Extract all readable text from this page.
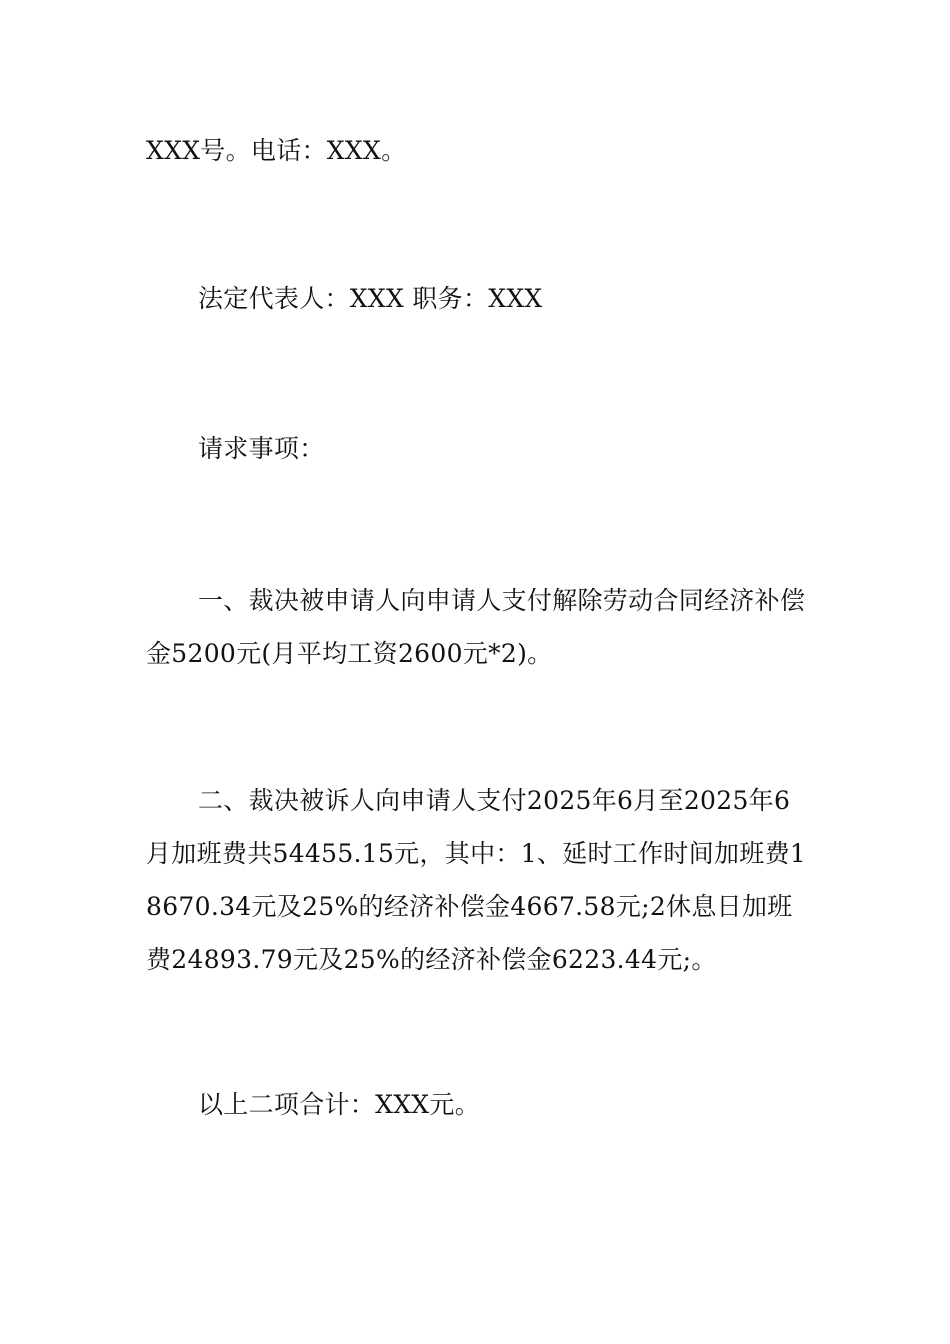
XXX号。电话：XXX。

法定代表人：XXX 职务：XXX

请求事项：

一、裁决被申请人向申请人支付解除劳动合同经济补偿金5200元(月平均工资2600元*2)。

二、裁决被诉人向申请人支付2025年6月至2025年6月加班费共54455.15元，其中：1、延时工作时间加班费18670.34元及25%的经济补偿金4667.58元;2休息日加班费24893.79元及25%的经济补偿金6223.44元;。

以上二项合计：XXX元。
